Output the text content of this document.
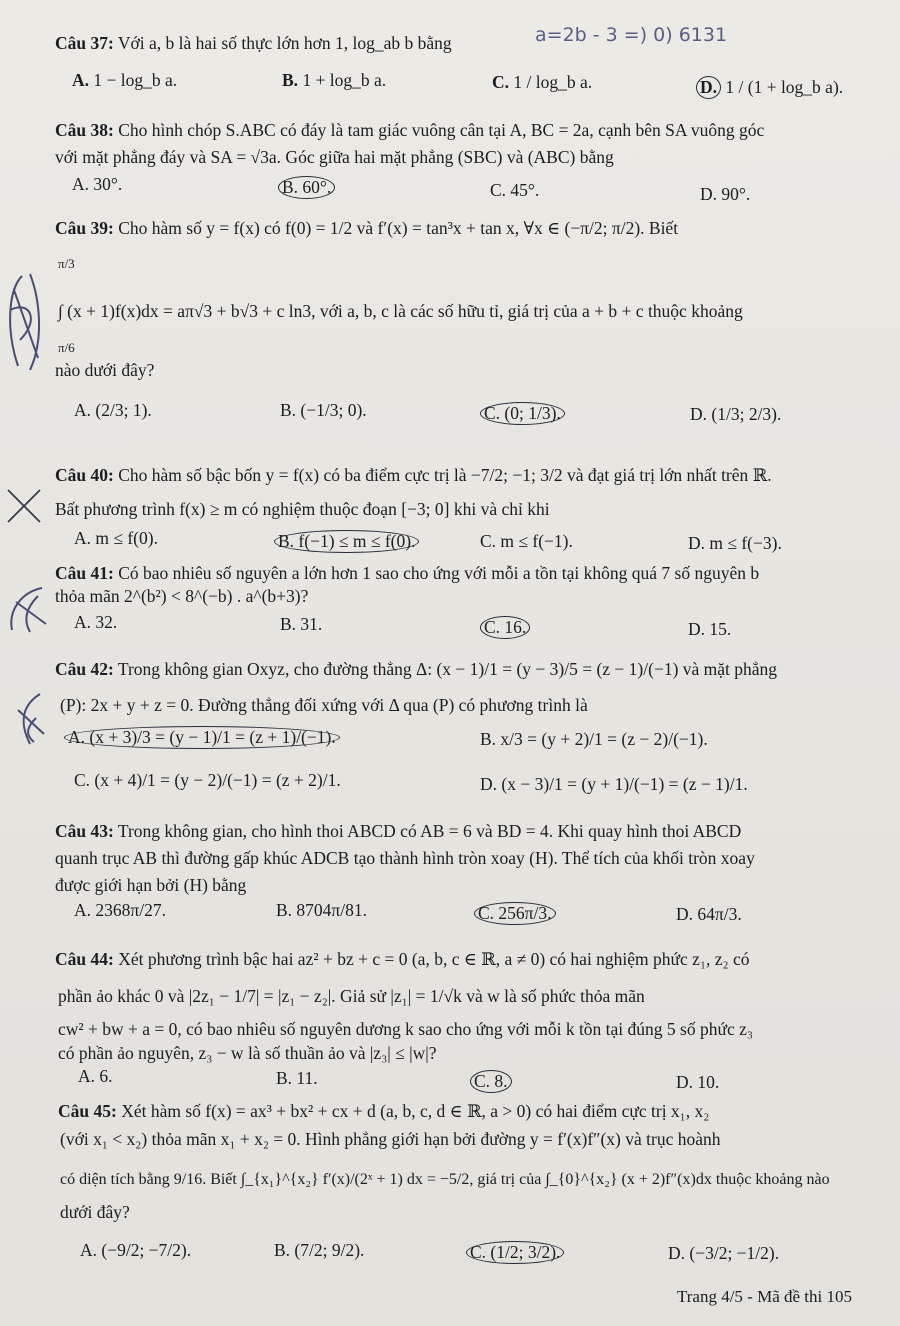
Câu 37: Với a, b là hai số thực lớn hơn 1, log_ab b bằng	a=2b - 3 =) 0) 6131
A. 1 − log_b a.	B. 1 + log_b a.	C. 1 / log_b a.	D. 1 / (1 + log_b a).
Câu 38: Cho hình chóp S.ABC có đáy là tam giác vuông cân tại A, BC = 2a, cạnh bên SA vuông góc
với mặt phẳng đáy và SA = √3a. Góc giữa hai mặt phẳng (SBC) và (ABC) bằng
A. 30°.	B. 60°.	C. 45°.	D. 90°.
Câu 39: Cho hàm số y = f(x) có f(0) = 1/2 và f′(x) = tan³x + tan x, ∀x ∈ (−π/2; π/2). Biết
π/3
∫ (x + 1)f(x)dx = aπ√3 + b√3 + c ln3, với a, b, c là các số hữu tỉ, giá trị của a + b + c thuộc khoảng
π/6
nào dưới đây?
A. (2/3; 1).	B. (−1/3; 0).	C. (0; 1/3).	D. (1/3; 2/3).
Câu 40: Cho hàm số bậc bốn y = f(x) có ba điểm cực trị là −7/2; −1; 3/2 và đạt giá trị lớn nhất trên ℝ.
Bất phương trình f(x) ≥ m có nghiệm thuộc đoạn [−3; 0] khi và chỉ khi
A. m ≤ f(0).	B. f(−1) ≤ m ≤ f(0).	C. m ≤ f(−1).	D. m ≤ f(−3).
Câu 41: Có bao nhiêu số nguyên a lớn hơn 1 sao cho ứng với mỗi a tồn tại không quá 7 số nguyên b
thỏa mãn 2^(b²) < 8^(−b) . a^(b+3)?
A. 32.	B. 31.	C. 16.	D. 15.
Câu 42: Trong không gian Oxyz, cho đường thẳng Δ: (x − 1)/1 = (y − 3)/5 = (z − 1)/(−1) và mặt phẳng
(P): 2x + y + z = 0. Đường thẳng đối xứng với Δ qua (P) có phương trình là
A. (x + 3)/3 = (y − 1)/1 = (z + 1)/(−1).	B. x/3 = (y + 2)/1 = (z − 2)/(−1).
C. (x + 4)/1 = (y − 2)/(−1) = (z + 2)/1.	D. (x − 3)/1 = (y + 1)/(−1) = (z − 1)/1.
Câu 43: Trong không gian, cho hình thoi ABCD có AB = 6 và BD = 4. Khi quay hình thoi ABCD
quanh trục AB thì đường gấp khúc ADCB tạo thành hình tròn xoay (H). Thể tích của khối tròn xoay
được giới hạn bởi (H) bằng
A. 2368π/27.	B. 8704π/81.	C. 256π/3.	D. 64π/3.
Câu 44: Xét phương trình bậc hai az² + bz + c = 0 (a, b, c ∈ ℝ, a ≠ 0) có hai nghiệm phức z₁, z₂ có
phần ảo khác 0 và |2z₁ − 1/7| = |z₁ − z₂|. Giả sử |z₁| = 1/√k và w là số phức thỏa mãn
cw² + bw + a = 0, có bao nhiêu số nguyên dương k sao cho ứng với mỗi k tồn tại đúng 5 số phức z₃
có phần ảo nguyên, z₃ − w là số thuần ảo và |z₃| ≤ |w|?
A. 6.	B. 11.	C. 8.	D. 10.
Câu 45: Xét hàm số f(x) = ax³ + bx² + cx + d (a, b, c, d ∈ ℝ, a > 0) có hai điểm cực trị x₁, x₂
(với x₁ < x₂) thỏa mãn x₁ + x₂ = 0. Hình phẳng giới hạn bởi đường y = f′(x)f″(x) và trục hoành
có diện tích bằng 9/16. Biết ∫_{x₁}^{x₂} f′(x)/(2ˣ + 1) dx = −5/2, giá trị của ∫_{0}^{x₂} (x + 2)f″(x)dx thuộc khoảng nào
dưới đây?
A. (−9/2; −7/2).	B. (7/2; 9/2).	C. (1/2; 3/2).	D. (−3/2; −1/2).
Trang 4/5 - Mã đề thi 105
